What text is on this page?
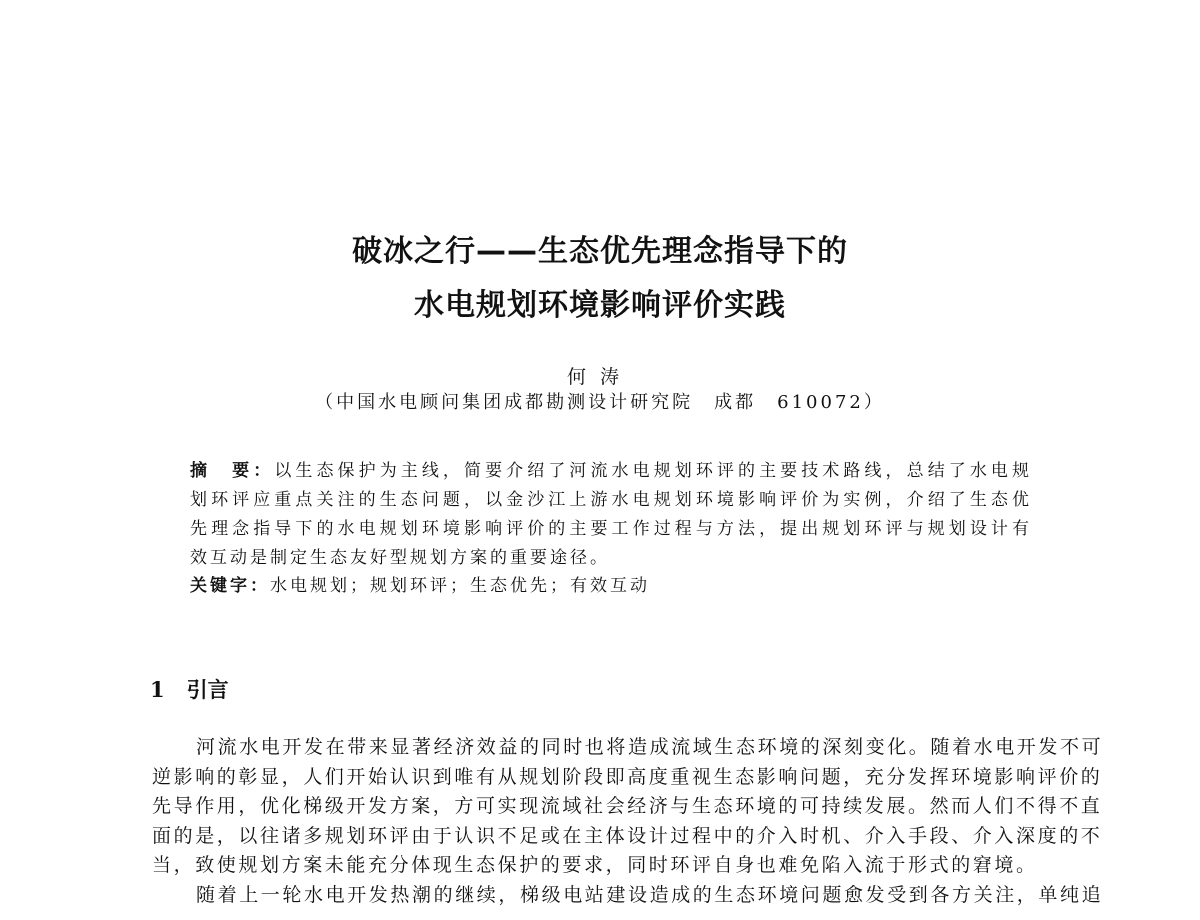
破冰之行——生态优先理念指导下的
水电规划环境影响评价实践
何涛
（中国水电顾问集团成都勘测设计研究院　成都　610072）
摘　要：以生态保护为主线，简要介绍了河流水电规划环评的主要技术路线，总结了水电规
划环评应重点关注的生态问题，以金沙江上游水电规划环境影响评价为实例，介绍了生态优
先理念指导下的水电规划环境影响评价的主要工作过程与方法，提出规划环评与规划设计有
效互动是制定生态友好型规划方案的重要途径。
关键字：水电规划；规划环评；生态优先；有效互动
1 引言
河流水电开发在带来显著经济效益的同时也将造成流域生态环境的深刻变化。随着水电开发不可
逆影响的彰显，人们开始认识到唯有从规划阶段即高度重视生态影响问题，充分发挥环境影响评价的
先导作用，优化梯级开发方案，方可实现流域社会经济与生态环境的可持续发展。然而人们不得不直
面的是，以往诸多规划环评由于认识不足或在主体设计过程中的介入时机、介入手段、介入深度的不
当，致使规划方案未能充分体现生态保护的要求，同时环评自身也难免陷入流于形式的窘境。
随着上一轮水电开发热潮的继续，梯级电站建设造成的生态环境问题愈发受到各方关注，单纯追
